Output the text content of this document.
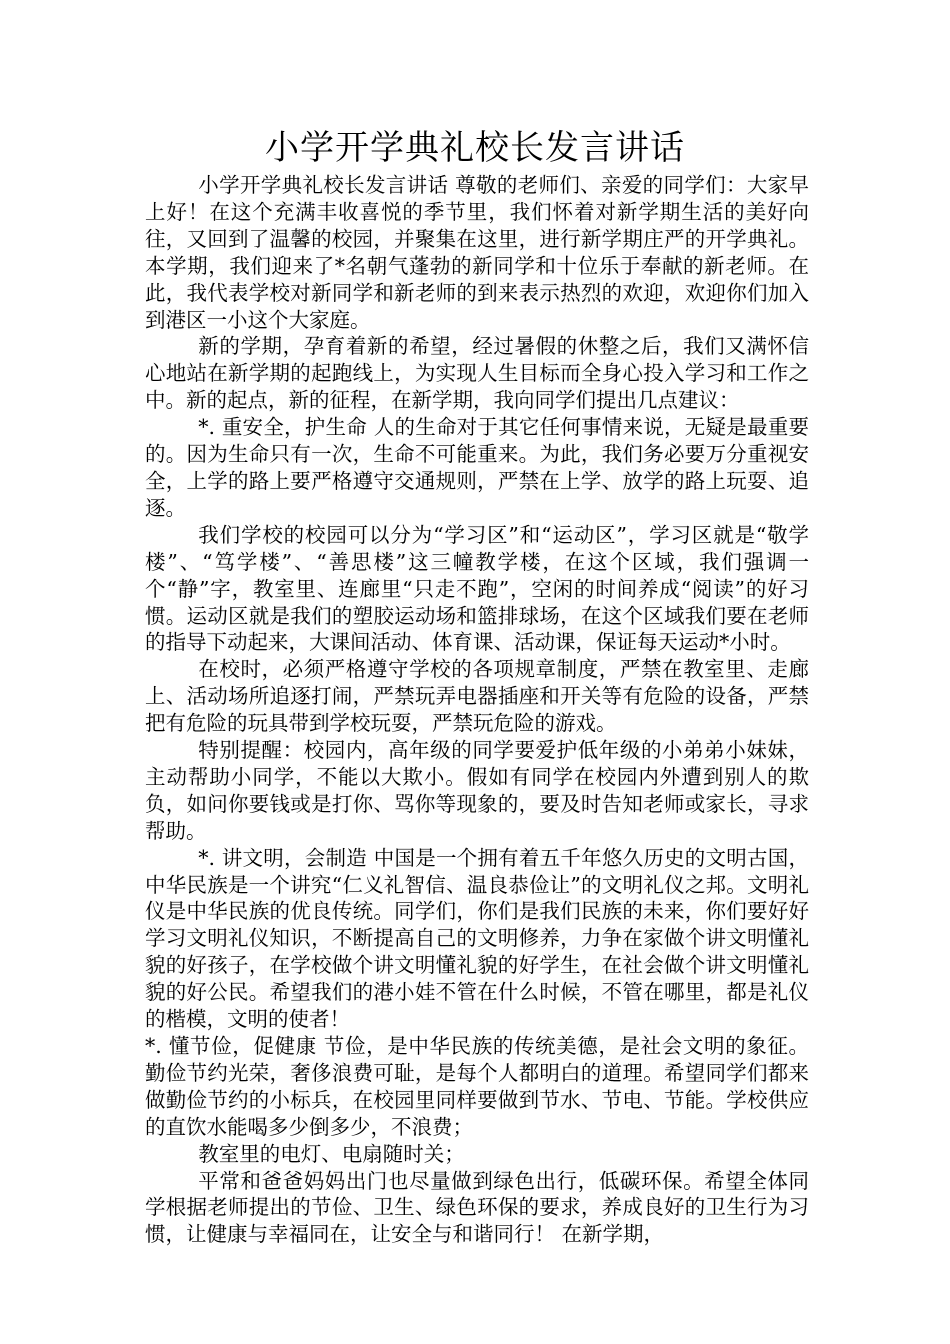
小学开学典礼校长发言讲话

小学开学典礼校长发言讲话 尊敬的老师们、亲爱的同学们：大家早上好！在这个充满丰收喜悦的季节里，我们怀着对新学期生活的美好向往，又回到了温馨的校园，并聚集在这里，进行新学期庄严的开学典礼。本学期，我们迎来了*名朝气蓬勃的新同学和十位乐于奉献的新老师。在此，我代表学校对新同学和新老师的到来表示热烈的欢迎，欢迎你们加入到港区一小这个大家庭。

新的学期，孕育着新的希望，经过暑假的休整之后，我们又满怀信心地站在新学期的起跑线上，为实现人生目标而全身心投入学习和工作之中。新的起点，新的征程，在新学期，我向同学们提出几点建议：

*. 重安全，护生命 人的生命对于其它任何事情来说，无疑是最重要的。因为生命只有一次，生命不可能重来。为此，我们务必要万分重视安全，上学的路上要严格遵守交通规则，严禁在上学、放学的路上玩耍、追逐。

我们学校的校园可以分为“学习区”和“运动区”，学习区就是“敬学楼”、“笃学楼”、“善思楼”这三幢教学楼，在这个区域，我们强调一个“静”字，教室里、连廊里“只走不跑”，空闲的时间养成“阅读”的好习惯。运动区就是我们的塑胶运动场和篮排球场，在这个区域我们要在老师的指导下动起来，大课间活动、体育课、活动课，保证每天运动*小时。

在校时，必须严格遵守学校的各项规章制度，严禁在教室里、走廊上、活动场所追逐打闹，严禁玩弄电器插座和开关等有危险的设备，严禁把有危险的玩具带到学校玩耍，严禁玩危险的游戏。

特别提醒：校园内，高年级的同学要爱护低年级的小弟弟小妹妹，主动帮助小同学，不能以大欺小。假如有同学在校园内外遭到别人的欺负，如问你要钱或是打你、骂你等现象的，要及时告知老师或家长，寻求帮助。

*. 讲文明，会制造 中国是一个拥有着五千年悠久历史的文明古国，中华民族是一个讲究“仁义礼智信、温良恭俭让”的文明礼仪之邦。文明礼仪是中华民族的优良传统。同学们，你们是我们民族的未来，你们要好好学习文明礼仪知识，不断提高自己的文明修养，力争在家做个讲文明懂礼貌的好孩子，在学校做个讲文明懂礼貌的好学生，在社会做个讲文明懂礼貌的好公民。希望我们的港小娃不管在什么时候，不管在哪里，都是礼仪的楷模，文明的使者！

*. 懂节俭，促健康 节俭，是中华民族的传统美德，是社会文明的象征。勤俭节约光荣，奢侈浪费可耻，是每个人都明白的道理。希望同学们都来做勤俭节约的小标兵，在校园里同样要做到节水、节电、节能。学校供应的直饮水能喝多少倒多少，不浪费；

教室里的电灯、电扇随时关；

平常和爸爸妈妈出门也尽量做到绿色出行，低碳环保。希望全体同学根据老师提出的节俭、卫生、绿色环保的要求，养成良好的卫生行为习惯，让健康与幸福同在，让安全与和谐同行！ 在新学期，
